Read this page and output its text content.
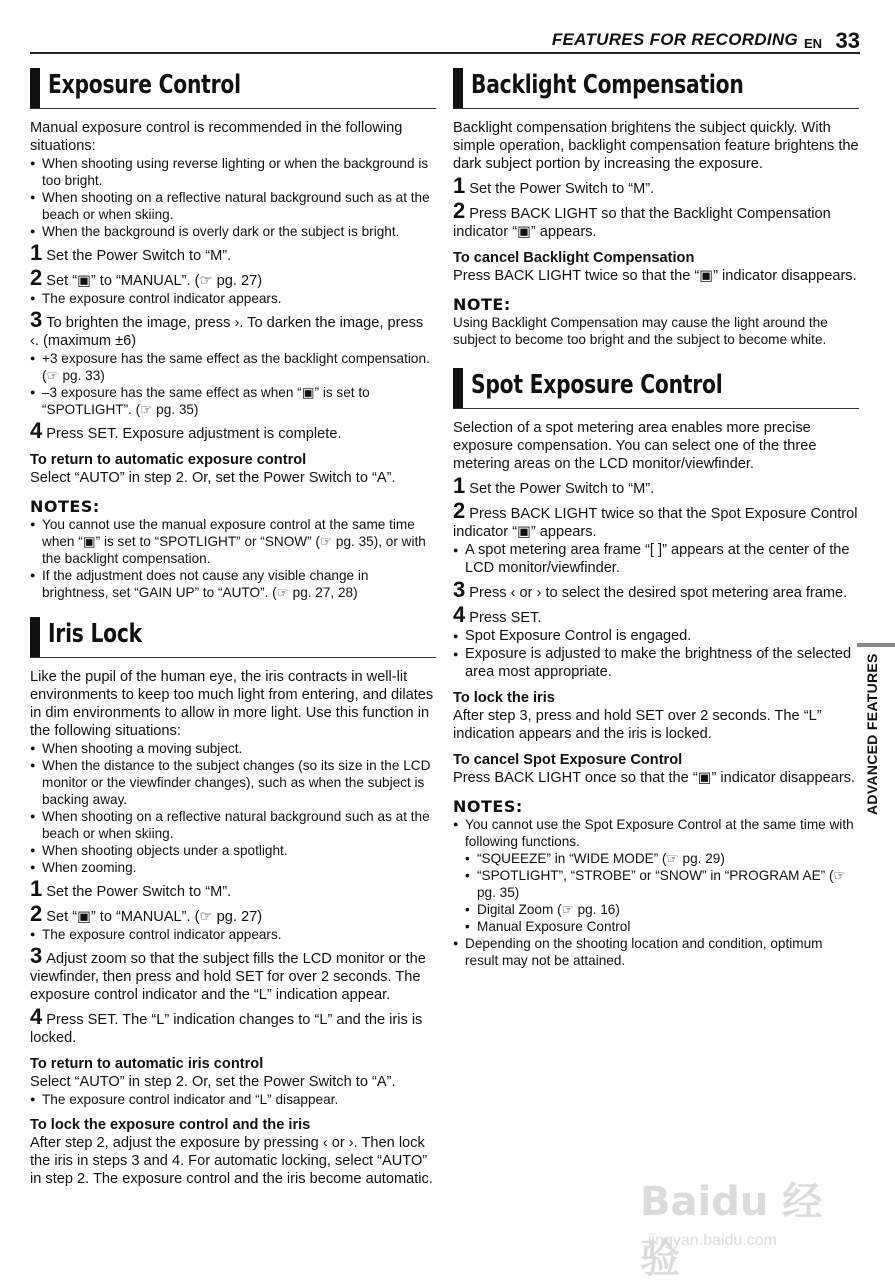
FEATURES FOR RECORDING EN 33
Exposure Control

Manual exposure control is recommended in the following situations:

● When shooting using reverse lighting or when the background is too bright.
● When shooting on a reflective natural background such as at the beach or when skiing.
● When the background is overly dark or the subject is bright.
1 Set the Power Switch to “M”.
2 Set “▣” to “MANUAL”. (☞ pg. 27)
● The exposure control indicator appears.
3 To brighten the image, press ›. To darken the image, press ‹. (maximum ±6)
● +3 exposure has the same effect as the backlight compensation. (☞ pg. 33)
● –3 exposure has the same effect as when “▣” is set to “SPOTLIGHT”. (☞ pg. 35)
4 Press SET. Exposure adjustment is complete.
To return to automatic exposure control

Select “AUTO” in step 2. Or, set the Power Switch to “A”.

NOTES:
● You cannot use the manual exposure control at the same time when “▣” is set to “SPOTLIGHT” or “SNOW” (☞ pg. 35), or with the backlight compensation.
● If the adjustment does not cause any visible change in brightness, set “GAIN UP” to “AUTO”. (☞ pg. 27, 28)
Iris Lock

Like the pupil of the human eye, the iris contracts in well-lit environments to keep too much light from entering, and dilates in dim environments to allow in more light. Use this function in the following situations:

● When shooting a moving subject.
● When the distance to the subject changes (so its size in the LCD monitor or the viewfinder changes), such as when the subject is backing away.
● When shooting on a reflective natural background such as at the beach or when skiing.
● When shooting objects under a spotlight.
● When zooming.
1 Set the Power Switch to “M”.
2 Set “▣” to “MANUAL”. (☞ pg. 27)
● The exposure control indicator appears.
3 Adjust zoom so that the subject fills the LCD monitor or the viewfinder, then press and hold SET for over 2 seconds. The exposure control indicator and the “L” indication appear.
4 Press SET. The “L” indication changes to “L” and the iris is locked.
To return to automatic iris control

Select “AUTO” in step 2. Or, set the Power Switch to “A”.

● The exposure control indicator and “L” disappear.
To lock the exposure control and the iris

After step 2, adjust the exposure by pressing ‹ or ›. Then lock the iris in steps 3 and 4. For automatic locking, select “AUTO” in step 2. The exposure control and the iris become automatic.

Backlight Compensation

Backlight compensation brightens the subject quickly. With simple operation, backlight compensation feature brightens the dark subject portion by increasing the exposure.

1 Set the Power Switch to “M”.
2 Press BACK LIGHT so that the Backlight Compensation indicator “▣” appears.
To cancel Backlight Compensation

Press BACK LIGHT twice so that the “▣” indicator disappears.

NOTE:

Using Backlight Compensation may cause the light around the subject to become too bright and the subject to become white.

Spot Exposure Control

Selection of a spot metering area enables more precise exposure compensation. You can select one of the three metering areas on the LCD monitor/viewfinder.

1 Set the Power Switch to “M”.
2 Press BACK LIGHT twice so that the Spot Exposure Control indicator “▣” appears.
● A spot metering area frame “[ ]” appears at the center of the LCD monitor/viewfinder.
3 Press ‹ or › to select the desired spot metering area frame.
4 Press SET.
● Spot Exposure Control is engaged.
● Exposure is adjusted to make the brightness of the selected area most appropriate.
To lock the iris

After step 3, press and hold SET over 2 seconds. The “L” indication appears and the iris is locked.

To cancel Spot Exposure Control

Press BACK LIGHT once so that the “▣” indicator disappears.

NOTES:
● You cannot use the Spot Exposure Control at the same time with following functions.
• “SQUEEZE” in “WIDE MODE” (☞ pg. 29)
• “SPOTLIGHT”, “STROBE” or “SNOW” in “PROGRAM AE” (☞ pg. 35)
• Digital Zoom (☞ pg. 16)
• Manual Exposure Control
● Depending on the shooting location and condition, optimum result may not be attained.
ADVANCED FEATURES
Baidu 经验
jingyan.baidu.com
